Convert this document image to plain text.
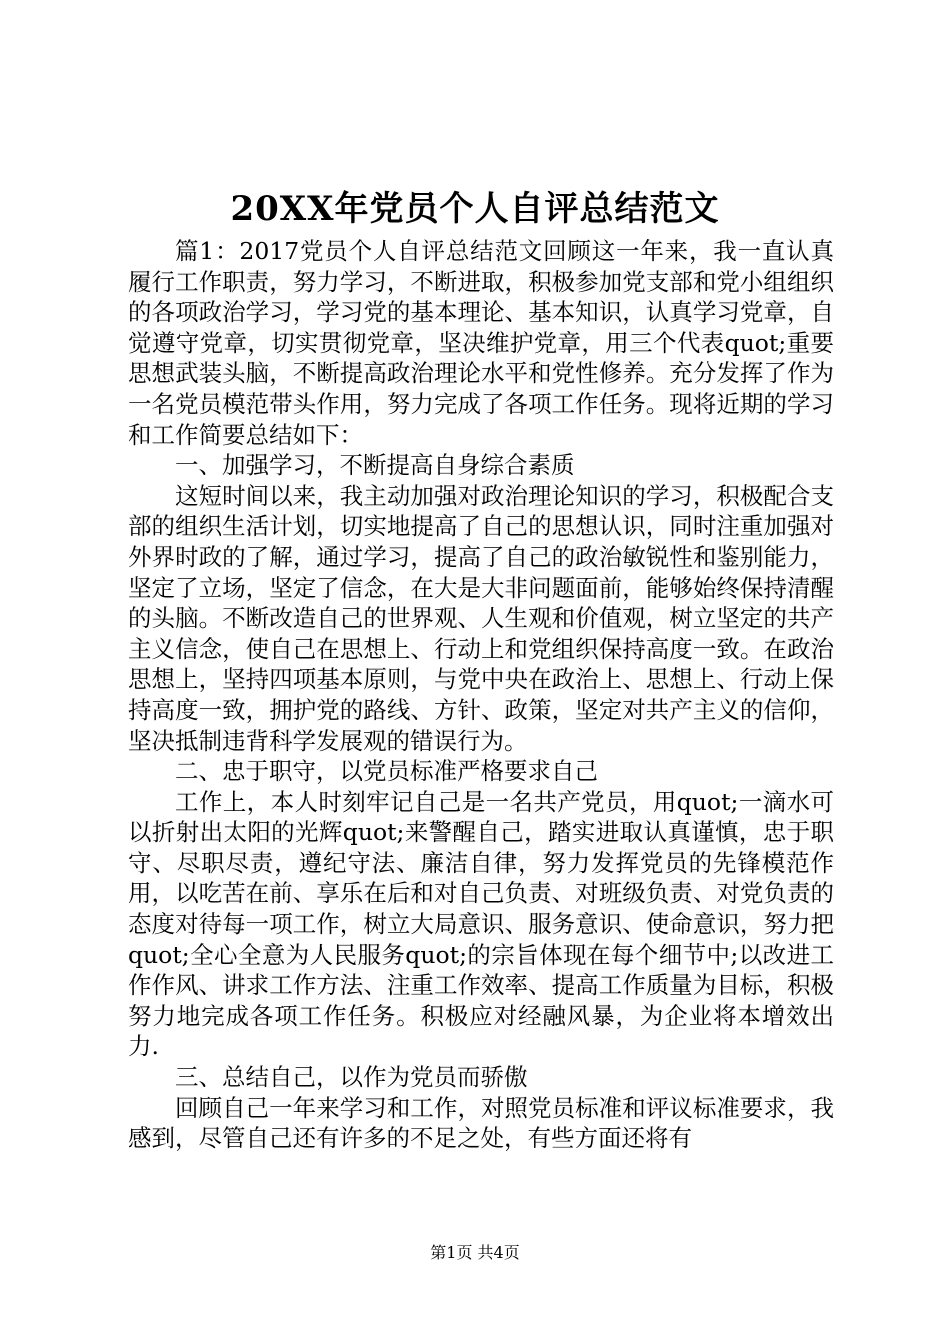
20XX年党员个人自评总结范文

篇1：2017党员个人自评总结范文回顾这一年来，我一直认真履行工作职责，努力学习，不断进取，积极参加党支部和党小组组织的各项政治学习，学习党的基本理论、基本知识，认真学习党章，自觉遵守党章，切实贯彻党章，坚决维护党章，用三个代表quot;重要思想武装头脑，不断提高政治理论水平和党性修养。充分发挥了作为一名党员模范带头作用，努力完成了各项工作任务。现将近期的学习和工作简要总结如下：

一、加强学习，不断提高自身综合素质

这短时间以来，我主动加强对政治理论知识的学习，积极配合支部的组织生活计划，切实地提高了自己的思想认识，同时注重加强对外界时政的了解，通过学习，提高了自己的政治敏锐性和鉴别能力，坚定了立场，坚定了信念，在大是大非问题面前，能够始终保持清醒的头脑。不断改造自己的世界观、人生观和价值观，树立坚定的共产主义信念，使自己在思想上、行动上和党组织保持高度一致。在政治思想上，坚持四项基本原则，与党中央在政治上、思想上、行动上保持高度一致，拥护党的路线、方针、政策，坚定对共产主义的信仰，坚决抵制违背科学发展观的错误行为。

二、忠于职守，以党员标准严格要求自己

工作上，本人时刻牢记自己是一名共产党员，用quot;一滴水可以折射出太阳的光辉quot;来警醒自己，踏实进取认真谨慎，忠于职守、尽职尽责，遵纪守法、廉洁自律，努力发挥党员的先锋模范作用，以吃苦在前、享乐在后和对自己负责、对班级负责、对党负责的态度对待每一项工作，树立大局意识、服务意识、使命意识，努力把quot;全心全意为人民服务quot;的宗旨体现在每个细节中;以改进工作作风、讲求工作方法、注重工作效率、提高工作质量为目标，积极努力地完成各项工作任务。积极应对经融风暴，为企业将本增效出力.

三、总结自己，以作为党员而骄傲

回顾自己一年来学习和工作，对照党员标准和评议标准要求，我感到，尽管自己还有许多的不足之处，有些方面还将有

第1页 共4页
